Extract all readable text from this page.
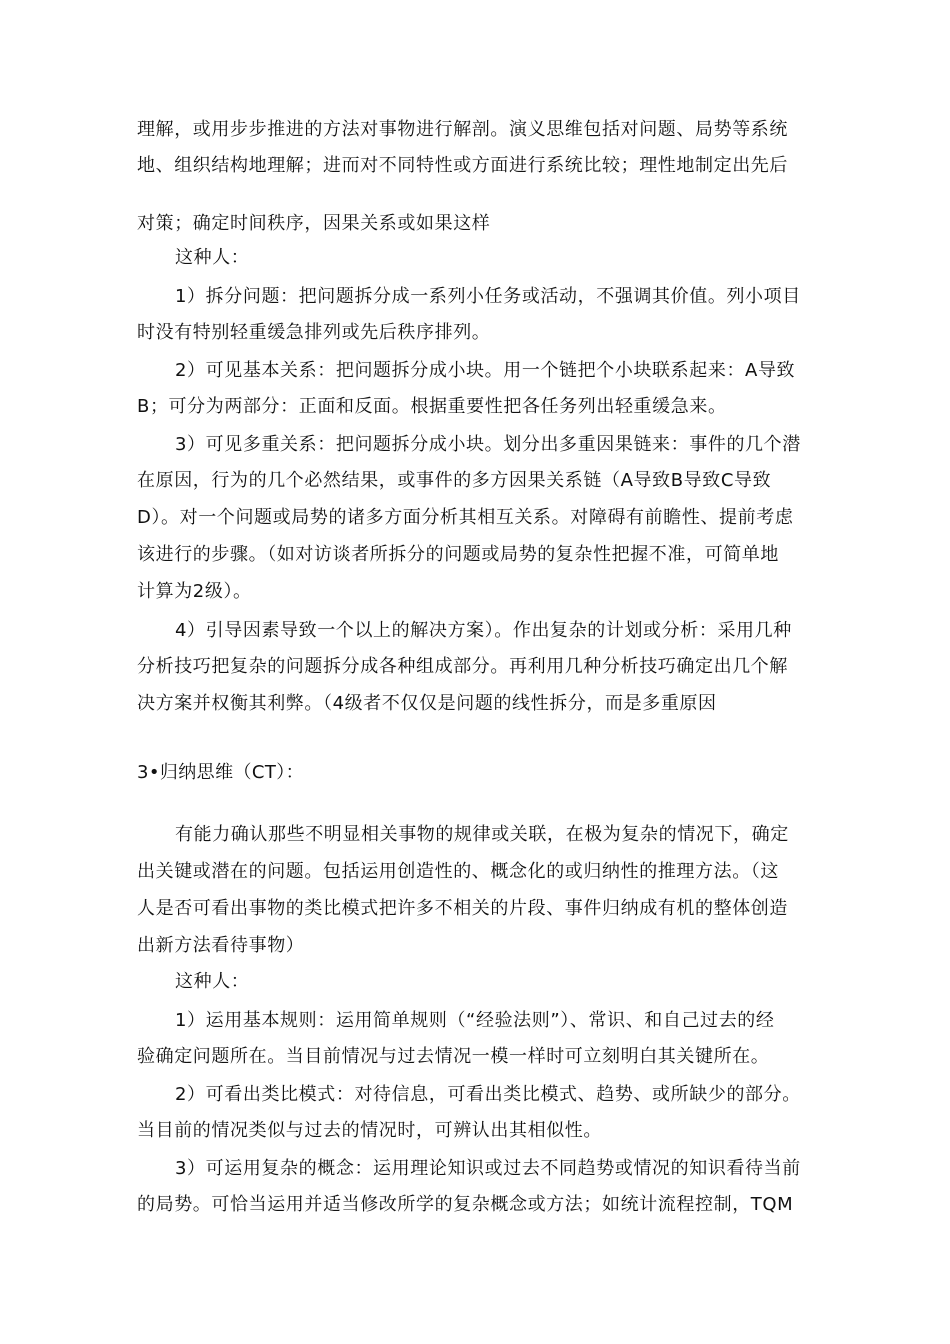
理解，或用步步推进的方法对事物进行解剖。演义思维包括对问题、局势等系统
地、组织结构地理解；进而对不同特性或方面进行系统比较；理性地制定出先后
对策；确定时间秩序，因果关系或如果这样
这种人：
1）拆分问题：把问题拆分成一系列小任务或活动，不强调其价值。列小项目
时没有特别轻重缓急排列或先后秩序排列。
2）可见基本关系：把问题拆分成小块。用一个链把个小块联系起来：A导致
B；可分为两部分：正面和反面。根据重要性把各任务列出轻重缓急来。
3）可见多重关系：把问题拆分成小块。划分出多重因果链来：事件的几个潜
在原因，行为的几个必然结果，或事件的多方因果关系链（A导致B导致C导致
D）。对一个问题或局势的诸多方面分析其相互关系。对障碍有前瞻性、提前考虑
该进行的步骤。（如对访谈者所拆分的问题或局势的复杂性把握不准，可简单地
计算为2级）。
4）引导因素导致一个以上的解决方案）。作出复杂的计划或分析：采用几种
分析技巧把复杂的问题拆分成各种组成部分。再利用几种分析技巧确定出几个解
决方案并权衡其利弊。（4级者不仅仅是问题的线性拆分，而是多重原因
3•归纳思维（CT）：
有能力确认那些不明显相关事物的规律或关联，在极为复杂的情况下，确定
出关键或潜在的问题。包括运用创造性的、概念化的或归纳性的推理方法。（这
人是否可看出事物的类比模式把许多不相关的片段、事件归纳成有机的整体创造
出新方法看待事物）
这种人：
1）运用基本规则：运用简单规则（“经验法则”）、常识、和自己过去的经
验确定问题所在。当目前情况与过去情况一模一样时可立刻明白其关键所在。
2）可看出类比模式：对待信息，可看出类比模式、趋势、或所缺少的部分。
当目前的情况类似与过去的情况时，可辨认出其相似性。
3）可运用复杂的概念：运用理论知识或过去不同趋势或情况的知识看待当前
的局势。可恰当运用并适当修改所学的复杂概念或方法；如统计流程控制，TQM
